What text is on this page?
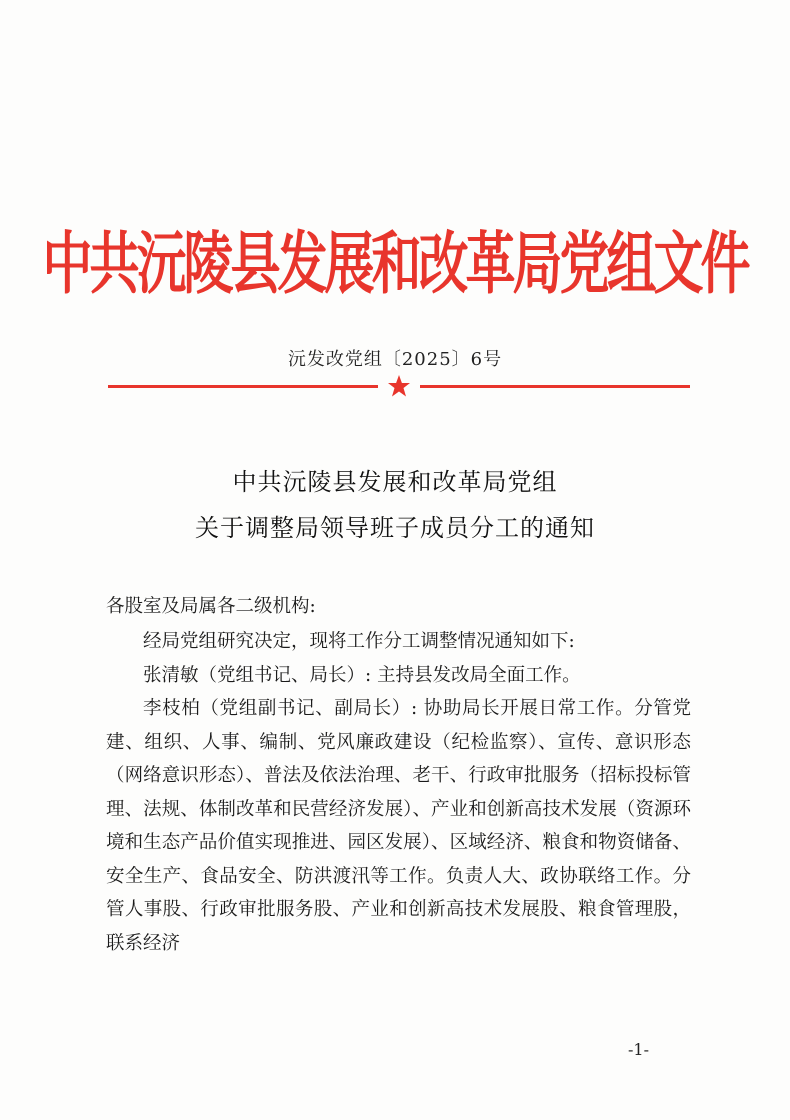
中共沅陵县发展和改革局党组文件
沅发改党组〔2025〕6号
中共沅陵县发展和改革局党组
关于调整局领导班子成员分工的通知
各股室及局属各二级机构:

经局党组研究决定，现将工作分工调整情况通知如下:

张清敏（党组书记、局长）: 主持县发改局全面工作。

李枝柏（党组副书记、副局长）: 协助局长开展日常工作。分管党建、组织、人事、编制、党风廉政建设（纪检监察）、宣传、意识形态（网络意识形态）、普法及依法治理、老干、行政审批服务（招标投标管理、法规、体制改革和民营经济发展）、产业和创新高技术发展（资源环境和生态产品价值实现推进、园区发展）、区域经济、粮食和物资储备、安全生产、食品安全、防洪渡汛等工作。负责人大、政协联络工作。分管人事股、行政审批服务股、产业和创新高技术发展股、粮食管理股，联系经济

-1-
